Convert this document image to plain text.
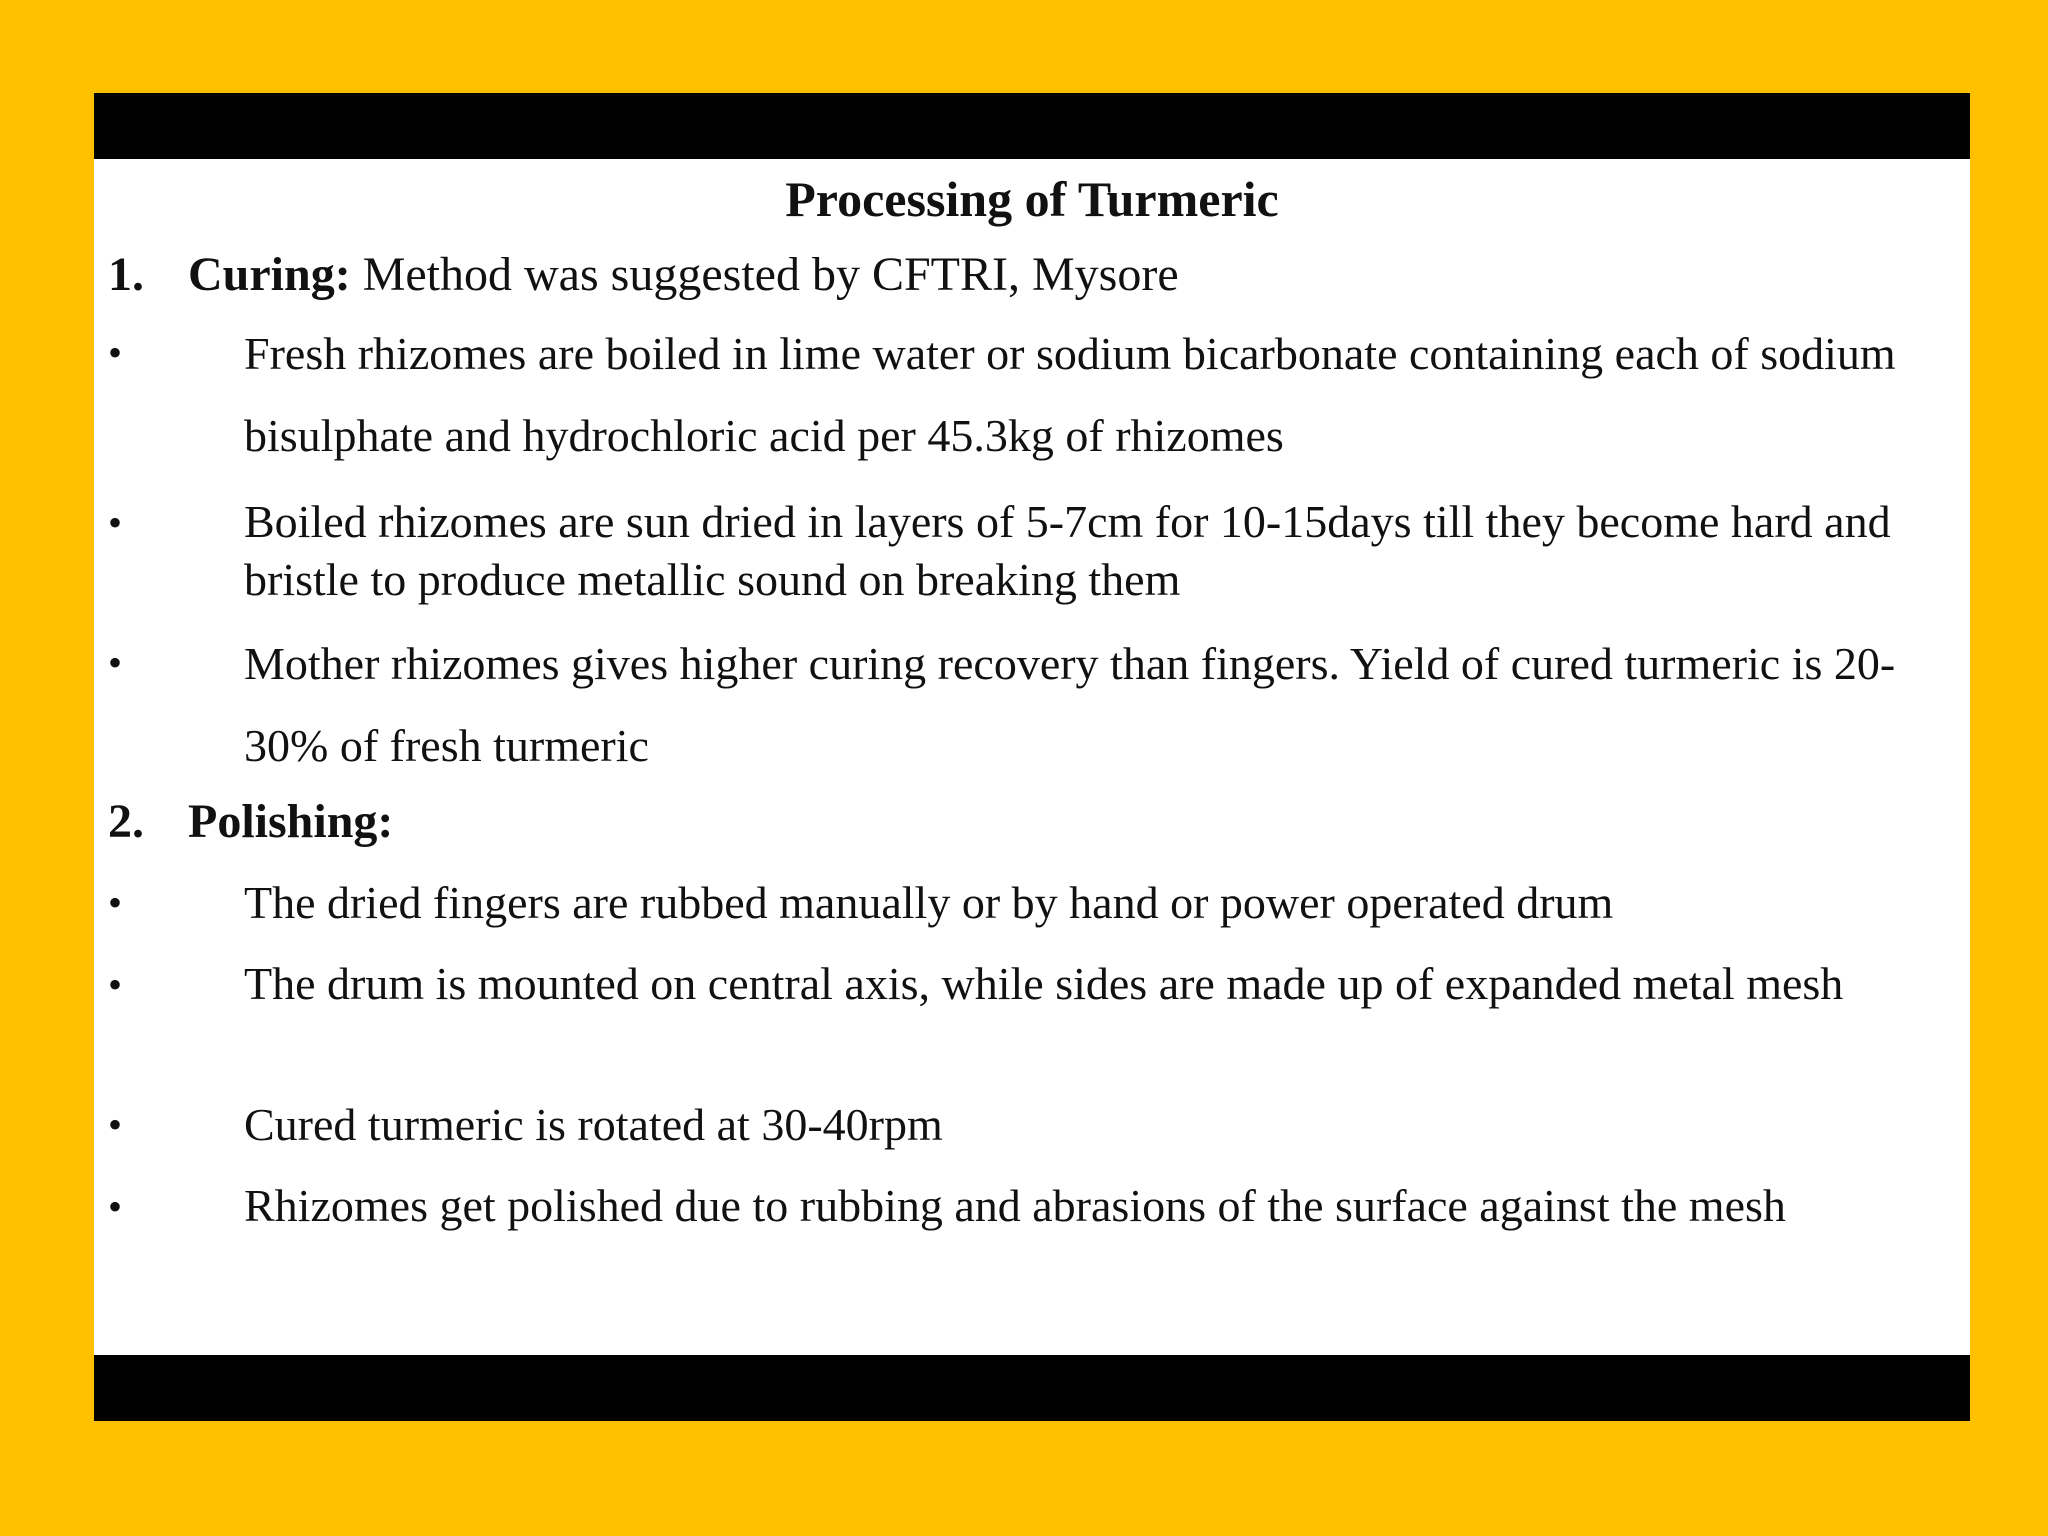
Processing of Turmeric
1. Curing: Method was suggested by CFTRI, Mysore
•	Fresh rhizomes are boiled in lime water or sodium bicarbonate containing each of sodium bisulphate and hydrochloric acid per 45.3kg of rhizomes
•	Boiled rhizomes are sun dried in layers of 5-7cm for 10-15days till they become hard and bristle to produce metallic sound on breaking them
•	Mother rhizomes gives higher curing recovery than fingers. Yield of cured turmeric is 20-30% of fresh turmeric
2. Polishing:
•	The dried fingers are rubbed manually or by hand or power operated drum
•	The drum is mounted on central axis, while sides are made up of expanded metal mesh
•	Cured turmeric is rotated at 30-40rpm
•	Rhizomes get polished due to rubbing and abrasions of the surface against the mesh
